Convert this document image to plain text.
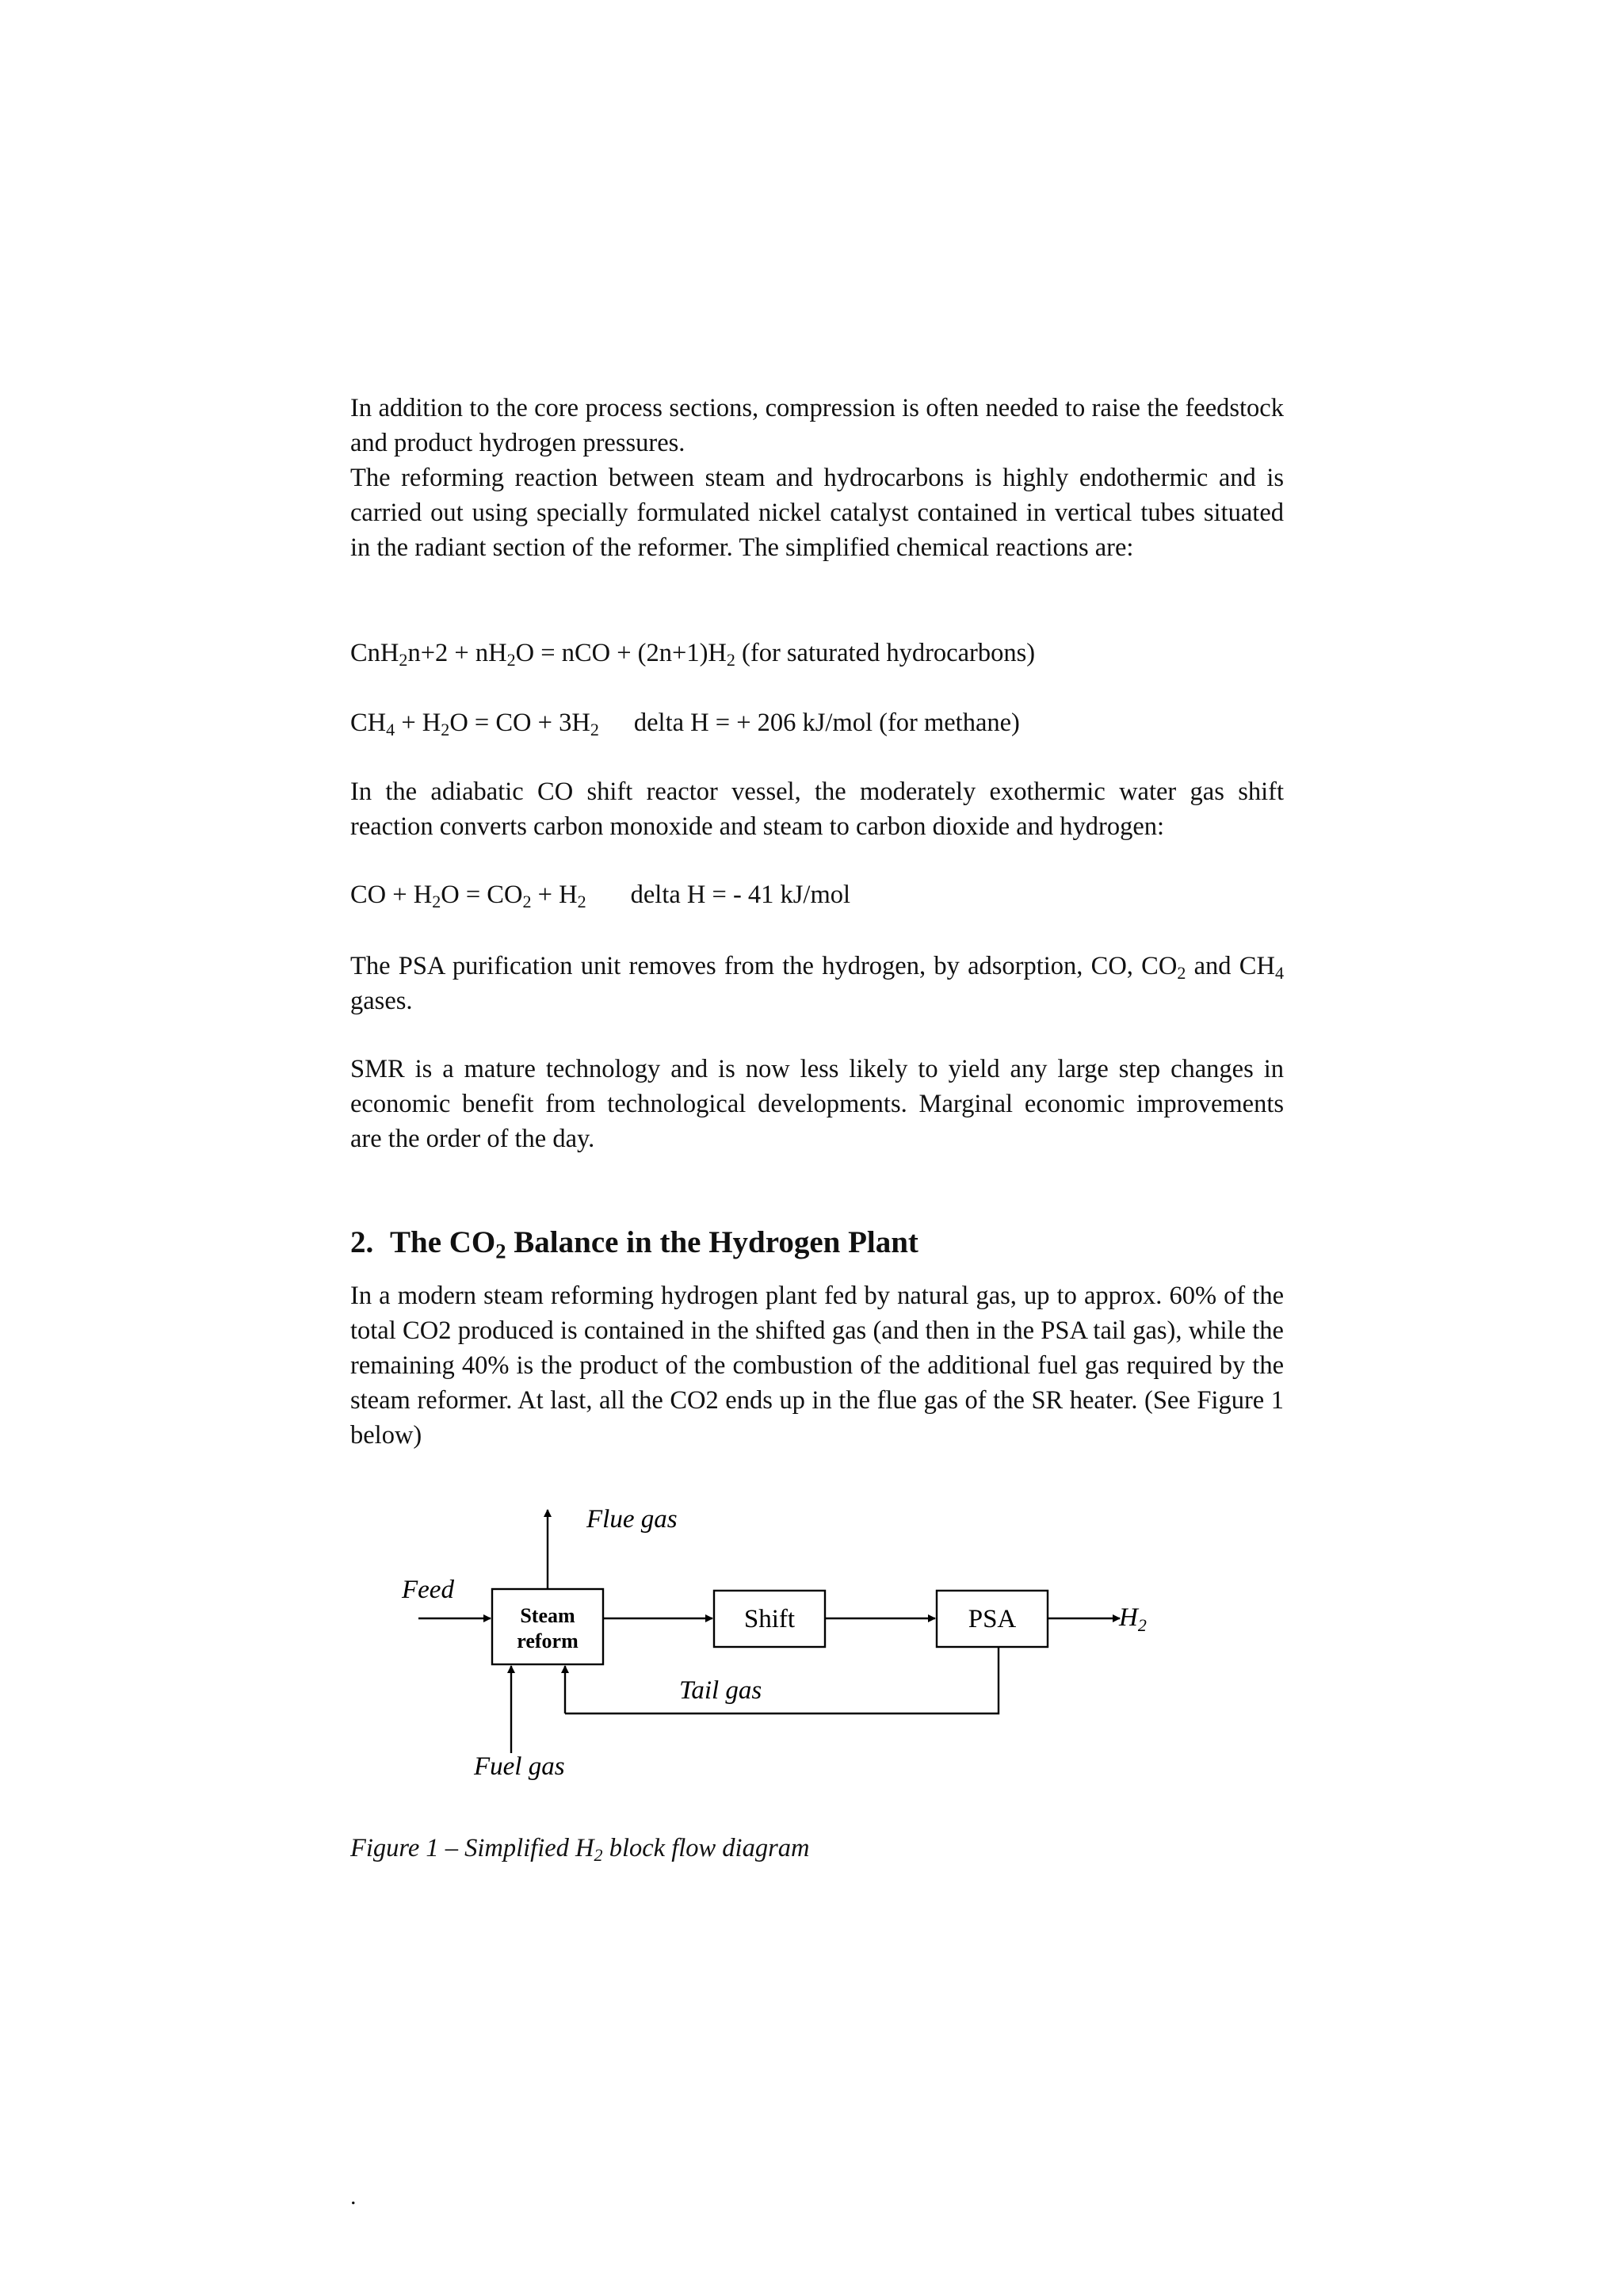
In addition to the core process sections, compression is often needed to raise the feedstock and product hydrogen pressures.

The reforming reaction between steam and hydrocarbons is highly endothermic and is carried out using specially formulated nickel catalyst contained in vertical tubes situated in the radiant section of the reformer. The simplified chemical reactions are:

$CnH_2n+2 + nH_2O$ = nCO + $(2n+1)H_2$ (for saturated hydrocarbons)
$CH_4 + H_2O$ = CO + $3H_2$ delta H = + 206 kJ/mol (for methane)

In the adiabatic CO shift reactor vessel, the moderately exothermic water gas shift reaction converts carbon monoxide and steam to carbon dioxide and hydrogen:

CO + $H_2O = CO_2 + H_2$ delta H = - 41 kJ/mol

The PSA purification unit removes from the hydrogen, by adsorption, CO, $CO_2$ and $CH_4$ gases.

SMR is a mature technology and is now less likely to yield any large step changes in economic benefit from technological developments. Marginal economic improvements are the order of the day.

2. The $CO_2$ Balance in the Hydrogen Plant

In a modern steam reforming hydrogen plant fed by natural gas, up to approx. 60% of the total CO2 produced is contained in the shifted gas (and then in the PSA tail gas), while the remaining 40% is the product of the combustion of the additional fuel gas required by the steam reformer. At last, all the CO2 ends up in the flue gas of the SR heater. (See Figure 1 below)

Flue gas
Feed
Steam
reform
Shift	PSA	$H_2$
Tail gas
Fuel gas

Figure 1 – Simplified $H_2$ block flow diagram

.
